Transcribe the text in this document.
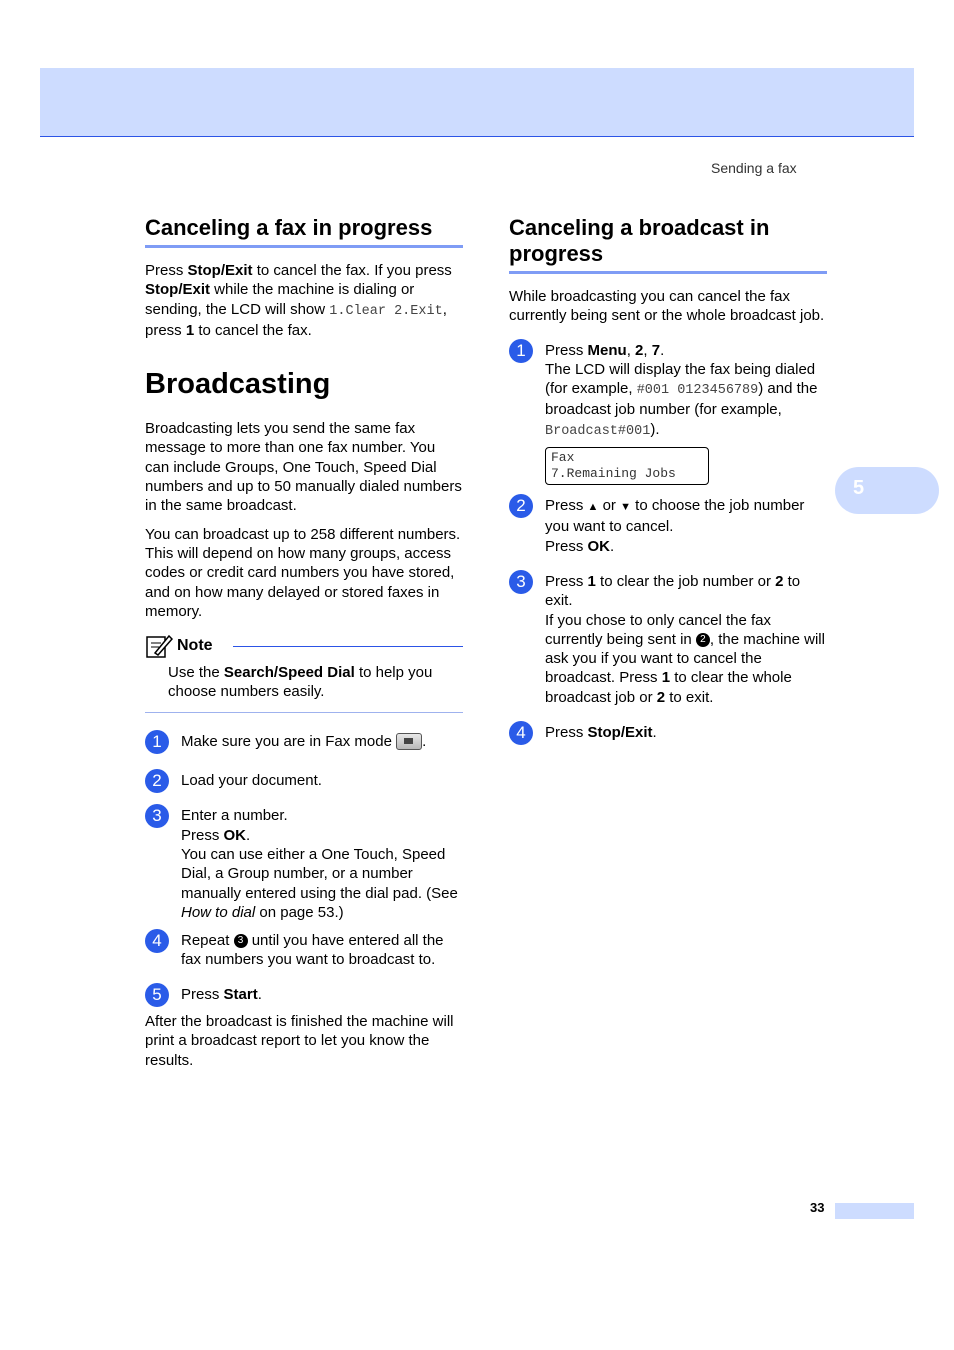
Sending a fax
5
Canceling a fax in progress

Press Stop/Exit to cancel the fax. If you press Stop/Exit while the machine is dialing or sending, the LCD will show 1.Clear 2.Exit, press 1 to cancel the fax.

Broadcasting

Broadcasting lets you send the same fax message to more than one fax number. You can include Groups, One Touch, Speed Dial numbers and up to 50 manually dialed numbers in the same broadcast.

You can broadcast up to 258 different numbers. This will depend on how many groups, access codes or credit card numbers you have stored, and on how many delayed or stored faxes in memory.

Note

Use the Search/Speed Dial to help you choose numbers easily.

1	Make sure you are in Fax mode .

2	Load your document.

3	Enter a number.

Press OK.

You can use either a One Touch, Speed Dial, a Group number, or a number manually entered using the dial pad. (See How to dial on page 53.)

4	Repeat 3 until you have entered all the fax numbers you want to broadcast to.

5	Press Start.

After the broadcast is finished the machine will print a broadcast report to let you know the results.

Canceling a broadcast in progress

While broadcasting you can cancel the fax currently being sent or the whole broadcast job.

1	Press Menu, 2, 7.

The LCD will display the fax being dialed (for example, #001 0123456789) and the broadcast job number (for example, Broadcast#001).

Fax
7.Remaining Jobs
2	Press ▲ or ▼ to choose the job number you want to cancel.

Press OK.

3	Press 1 to clear the job number or 2 to exit.

If you chose to only cancel the fax currently being sent in 2 , the machine will ask you if you want to cancel the broadcast. Press 1 to clear the whole broadcast job or 2 to exit.

4	Press Stop/Exit.

33
